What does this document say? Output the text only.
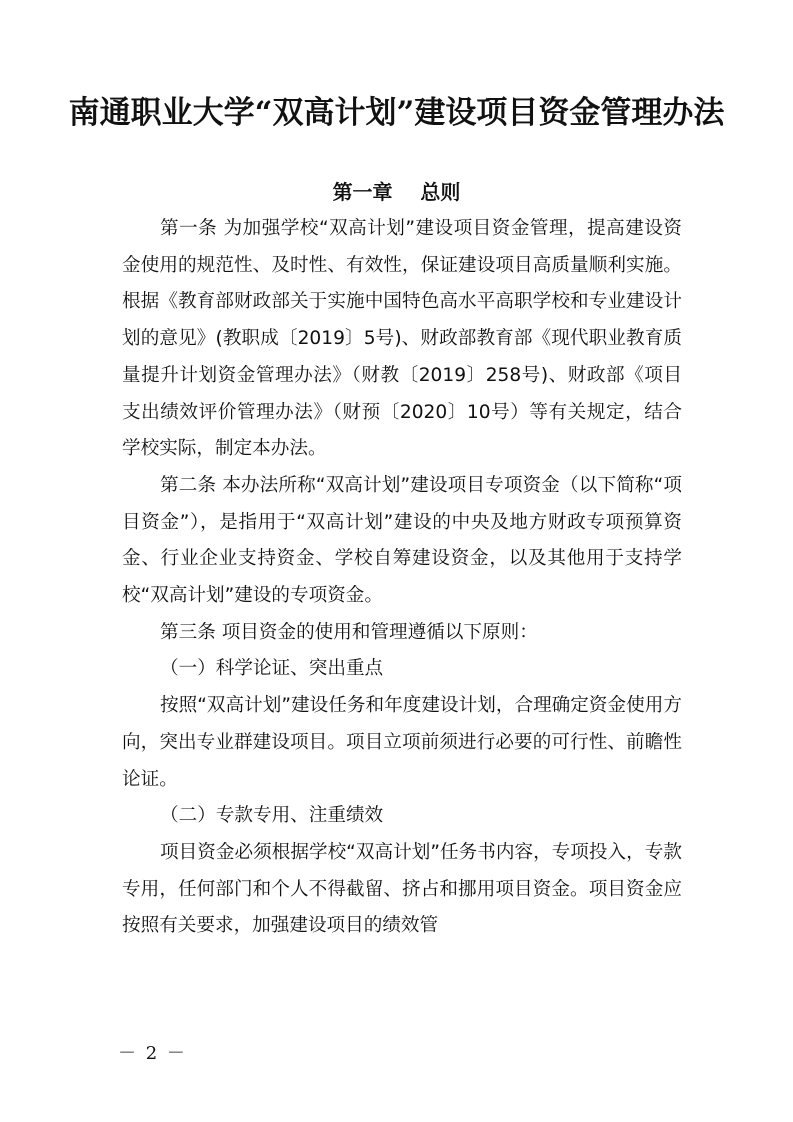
南通职业大学“双高计划”建设项目资金管理办法
第一章    总则

第一条 为加强学校“双高计划”建设项目资金管理，提高建设资金使用的规范性、及时性、有效性，保证建设项目高质量顺利实施。根据《教育部财政部关于实施中国特色高水平高职学校和专业建设计划的意见》(教职成〔2019〕5号)、财政部教育部《现代职业教育质量提升计划资金管理办法》（财教〔2019〕258号)、财政部《项目支出绩效评价管理办法》（财预〔2020〕10号）等有关规定，结合学校实际，制定本办法。

第二条 本办法所称“双高计划”建设项目专项资金（以下简称“项目资金”），是指用于“双高计划”建设的中央及地方财政专项预算资金、行业企业支持资金、学校自筹建设资金，以及其他用于支持学校“双高计划”建设的专项资金。

第三条 项目资金的使用和管理遵循以下原则：

（一）科学论证、突出重点

按照“双高计划”建设任务和年度建设计划，合理确定资金使用方向，突出专业群建设项目。项目立项前须进行必要的可行性、前瞻性论证。

（二）专款专用、注重绩效

项目资金必须根据学校“双高计划”任务书内容，专项投入，专款专用，任何部门和个人不得截留、挤占和挪用项目资金。项目资金应按照有关要求，加强建设项目的绩效管

－ 2 －
